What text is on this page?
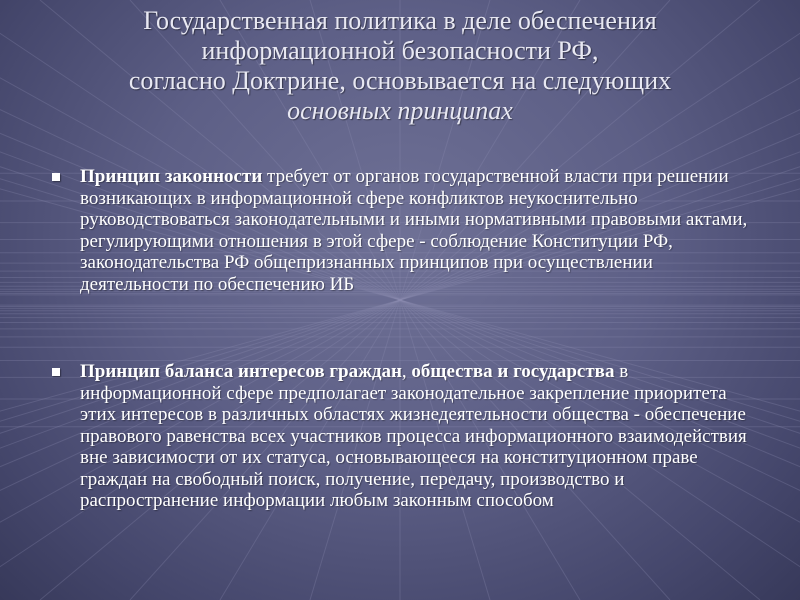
Государственная политика в деле обеспечения
информационной безопасности РФ,
согласно Доктрине, основывается на следующих
основных принципах
Принцип законности требует от органов государственной власти при решении возникающих в информационной сфере конфликтов неукоснительно руководствоваться законодательными и иными нормативными правовыми актами, регулирующими отношения в этой сфере - соблюдение Конституции РФ, законодательства РФ общепризнанных принципов при осуществлении деятельности по обеспечению ИБ
Принцип баланса интересов граждан, общества и государства в информационной сфере предполагает законодательное закрепление приоритета этих интересов в различных областях жизнедеятельности общества - обеспечение правового равенства всех участников процесса информационного взаимодействия вне зависимости от их статуса, основывающееся на конституционном праве граждан на свободный поиск, получение, передачу, производство и распространение информации любым законным способом
